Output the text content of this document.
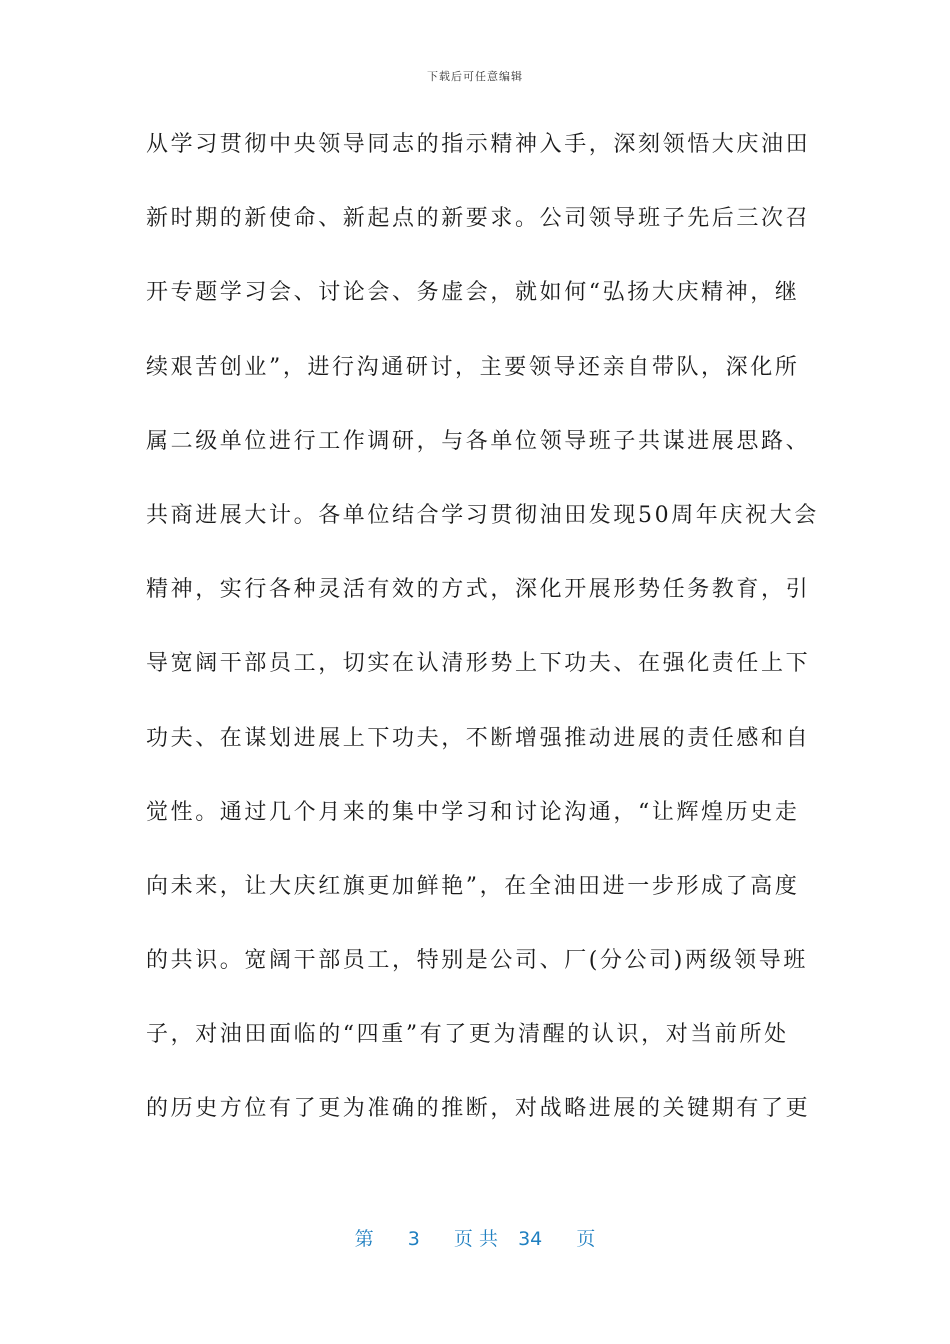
下载后可任意编辑
从学习贯彻中央领导同志的指示精神入手，深刻领悟大庆油田
新时期的新使命、新起点的新要求。公司领导班子先后三次召
开专题学习会、讨论会、务虚会，就如何“弘扬大庆精神，继
续艰苦创业”，进行沟通研讨，主要领导还亲自带队，深化所
属二级单位进行工作调研，与各单位领导班子共谋进展思路、
共商进展大计。各单位结合学习贯彻油田发现50周年庆祝大会
精神，实行各种灵活有效的方式，深化开展形势任务教育，引
导宽阔干部员工，切实在认清形势上下功夫、在强化责任上下
功夫、在谋划进展上下功夫，不断增强推动进展的责任感和自
觉性。通过几个月来的集中学习和讨论沟通，“让辉煌历史走
向未来，让大庆红旗更加鲜艳”，在全油田进一步形成了高度
的共识。宽阔干部员工，特别是公司、厂(分公司)两级领导班
子，对油田面临的“四重”有了更为清醒的认识，对当前所处
的历史方位有了更为准确的推断，对战略进展的关键期有了更
第 3 页 共 34 页
